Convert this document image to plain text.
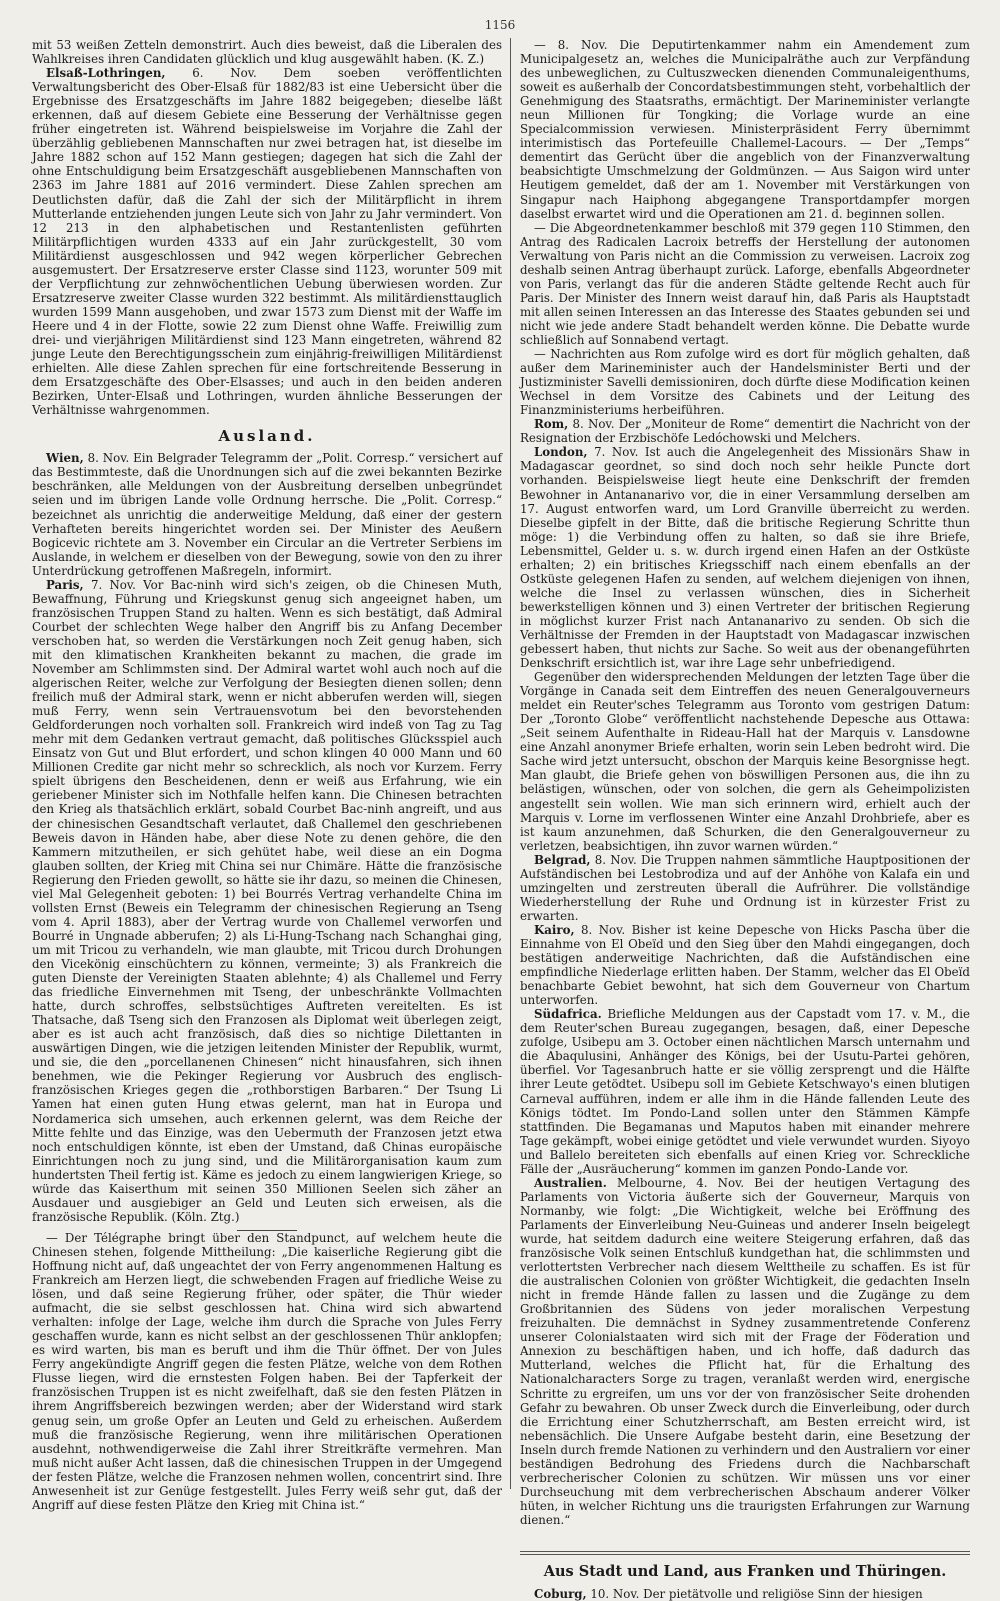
1156

mit 53 weißen Zetteln demonstrirt. Auch dies beweist, daß die Liberalen des Wahlkreises ihren Candidaten glücklich und klug ausgewählt haben. (K. Z.)

Elsaß-Lothringen, 6. Nov. Dem soeben veröffentlichten Verwaltungsbericht des Ober-Elsaß für 1882/83 ist eine Uebersicht über die Ergebnisse des Ersatzgeschäfts im Jahre 1882 beigegeben; dieselbe läßt erkennen, daß auf diesem Gebiete eine Besserung der Verhältnisse gegen früher eingetreten ist. Während beispielsweise im Vorjahre die Zahl der überzählig gebliebenen Mannschaften nur zwei betragen hat, ist dieselbe im Jahre 1882 schon auf 152 Mann gestiegen; dagegen hat sich die Zahl der ohne Entschuldigung beim Ersatzgeschäft ausgebliebenen Mannschaften von 2363 im Jahre 1881 auf 2016 vermindert. Diese Zahlen sprechen am Deutlichsten dafür, daß die Zahl der sich der Militärpflicht in ihrem Mutterlande entziehenden jungen Leute sich von Jahr zu Jahr vermindert. Von 12 213 in den alphabetischen und Restantenlisten geführten Militärpflichtigen wurden 4333 auf ein Jahr zurückgestellt, 30 vom Militärdienst ausgeschlossen und 942 wegen körperlicher Gebrechen ausgemustert. Der Ersatzreserve erster Classe sind 1123, worunter 509 mit der Verpflichtung zur zehnwöchentlichen Uebung überwiesen worden. Zur Ersatzreserve zweiter Classe wurden 322 bestimmt. Als militärdiensttauglich wurden 1599 Mann ausgehoben, und zwar 1573 zum Dienst mit der Waffe im Heere und 4 in der Flotte, sowie 22 zum Dienst ohne Waffe. Freiwillig zum drei- und vierjährigen Militärdienst sind 123 Mann eingetreten, während 82 junge Leute den Berechtigungsschein zum einjährig-freiwilligen Militärdienst erhielten. Alle diese Zahlen sprechen für eine fortschreitende Besserung in dem Ersatzgeschäfte des Ober-Elsasses; und auch in den beiden anderen Bezirken, Unter-Elsaß und Lothringen, wurden ähnliche Besserungen der Verhältnisse wahrgenommen.

Ausland.

Wien, 8. Nov. Ein Belgrader Telegramm der „Polit. Corresp.“ versichert auf das Bestimmteste, daß die Unordnungen sich auf die zwei bekannten Bezirke beschränken, alle Meldungen von der Ausbreitung derselben unbegründet seien und im übrigen Lande volle Ordnung herrsche. Die „Polit. Corresp.“ bezeichnet als unrichtig die anderweitige Meldung, daß einer der gestern Verhafteten bereits hingerichtet worden sei. Der Minister des Aeußern Bogicevic richtete am 3. November ein Circular an die Vertreter Serbiens im Auslande, in welchem er dieselben von der Bewegung, sowie von den zu ihrer Unterdrückung getroffenen Maßregeln, informirt.

Paris, 7. Nov. Vor Bac-ninh wird sich's zeigen, ob die Chinesen Muth, Bewaffnung, Führung und Kriegskunst genug sich angeeignet haben, um französischen Truppen Stand zu halten. Wenn es sich bestätigt, daß Admiral Courbet der schlechten Wege halber den Angriff bis zu Anfang December verschoben hat, so werden die Verstärkungen noch Zeit genug haben, sich mit den klimatischen Krankheiten bekannt zu machen, die grade im November am Schlimmsten sind. Der Admiral wartet wohl auch noch auf die algerischen Reiter, welche zur Verfolgung der Besiegten dienen sollen; denn freilich muß der Admiral stark, wenn er nicht abberufen werden will, siegen muß Ferry, wenn sein Vertrauensvotum bei den bevorstehenden Geldforderungen noch vorhalten soll. Frankreich wird indeß von Tag zu Tag mehr mit dem Gedanken vertraut gemacht, daß politisches Glücksspiel auch Einsatz von Gut und Blut erfordert, und schon klingen 40 000 Mann und 60 Millionen Credite gar nicht mehr so schrecklich, als noch vor Kurzem. Ferry spielt übrigens den Bescheidenen, denn er weiß aus Erfahrung, wie ein geriebener Minister sich im Nothfalle helfen kann. Die Chinesen betrachten den Krieg als thatsächlich erklärt, sobald Courbet Bac-ninh angreift, und aus der chinesischen Gesandtschaft verlautet, daß Challemel den geschriebenen Beweis davon in Händen habe, aber diese Note zu denen gehöre, die den Kammern mitzutheilen, er sich gehütet habe, weil diese an ein Dogma glauben sollten, der Krieg mit China sei nur Chimäre. Hätte die französische Regierung den Frieden gewollt, so hätte sie ihr dazu, so meinen die Chinesen, viel Mal Gelegenheit geboten: 1) bei Bourrés Vertrag verhandelte China im vollsten Ernst (Beweis ein Telegramm der chinesischen Regierung an Tseng vom 4. April 1883), aber der Vertrag wurde von Challemel verworfen und Bourré in Ungnade abberufen; 2) als Li-Hung-Tschang nach Schanghai ging, um mit Tricou zu verhandeln, wie man glaubte, mit Tricou durch Drohungen den Vicekönig einschüchtern zu können, vermeinte; 3) als Frankreich die guten Dienste der Vereinigten Staaten ablehnte; 4) als Challemel und Ferry das friedliche Einvernehmen mit Tseng, der unbeschränkte Vollmachten hatte, durch schroffes, selbstsüchtiges Auftreten vereitelten. Es ist Thatsache, daß Tseng sich den Franzosen als Diplomat weit überlegen zeigt, aber es ist auch acht französisch, daß dies so nichtige Dilettanten in auswärtigen Dingen, wie die jetzigen leitenden Minister der Republik, wurmt, und sie, die den „porcellanenen Chinesen“ nicht hinausfahren, sich ihnen benehmen, wie die Pekinger Regierung vor Ausbruch des englisch-französischen Krieges gegen die „rothborstigen Barbaren.“ Der Tsung Li Yamen hat einen guten Hung etwas gelernt, man hat in Europa und Nordamerica sich umsehen, auch erkennen gelernt, was dem Reiche der Mitte fehlte und das Einzige, was den Uebermuth der Franzosen jetzt etwa noch entschuldigen könnte, ist eben der Umstand, daß Chinas europäische Einrichtungen noch zu jung sind, und die Militärorganisation kaum zum hundertsten Theil fertig ist. Käme es jedoch zu einem langwierigen Kriege, so würde das Kaiserthum mit seinen 350 Millionen Seelen sich zäher an Ausdauer und ausgiebiger an Geld und Leuten sich erweisen, als die französische Republik. (Köln. Ztg.)

— Der Télégraphe bringt über den Standpunct, auf welchem heute die Chinesen stehen, folgende Mittheilung: „Die kaiserliche Regierung gibt die Hoffnung nicht auf, daß ungeachtet der von Ferry angenommenen Haltung es Frankreich am Herzen liegt, die schwebenden Fragen auf friedliche Weise zu lösen, und daß seine Regierung früher, oder später, die Thür wieder aufmacht, die sie selbst geschlossen hat. China wird sich abwartend verhalten: infolge der Lage, welche ihm durch die Sprache von Jules Ferry geschaffen wurde, kann es nicht selbst an der geschlossenen Thür anklopfen; es wird warten, bis man es beruft und ihm die Thür öffnet. Der von Jules Ferry angekündigte Angriff gegen die festen Plätze, welche von dem Rothen Flusse liegen, wird die ernstesten Folgen haben. Bei der Tapferkeit der französischen Truppen ist es nicht zweifelhaft, daß sie den festen Plätzen in ihrem Angriffsbereich bezwingen werden; aber der Widerstand wird stark genug sein, um große Opfer an Leuten und Geld zu erheischen. Außerdem muß die französische Regierung, wenn ihre militärischen Operationen ausdehnt, nothwendigerweise die Zahl ihrer Streitkräfte vermehren. Man muß nicht außer Acht lassen, daß die chinesischen Truppen in der Umgegend der festen Plätze, welche die Franzosen nehmen wollen, concentrirt sind. Ihre Anwesenheit ist zur Genüge festgestellt. Jules Ferry weiß sehr gut, daß der Angriff auf diese festen Plätze den Krieg mit China ist.“

— 8. Nov. Die Deputirtenkammer nahm ein Amendement zum Municipalgesetz an, welches die Municipalräthe auch zur Verpfändung des unbeweglichen, zu Cultuszwecken dienenden Communaleigenthums, soweit es außerhalb der Concordatsbestimmungen steht, vorbehaltlich der Genehmigung des Staatsraths, ermächtigt. Der Marineminister verlangte neun Millionen für Tongking; die Vorlage wurde an eine Specialcommission verwiesen. Ministerpräsident Ferry übernimmt interimistisch das Portefeuille Challemel-Lacours. — Der „Temps“ dementirt das Gerücht über die angeblich von der Finanzverwaltung beabsichtigte Umschmelzung der Goldmünzen. — Aus Saigon wird unter Heutigem gemeldet, daß der am 1. November mit Verstärkungen von Singapur nach Haiphong abgegangene Transportdampfer morgen daselbst erwartet wird und die Operationen am 21. d. beginnen sollen.

— Die Abgeordnetenkammer beschloß mit 379 gegen 110 Stimmen, den Antrag des Radicalen Lacroix betreffs der Herstellung der autonomen Verwaltung von Paris nicht an die Commission zu verweisen. Lacroix zog deshalb seinen Antrag überhaupt zurück. Laforge, ebenfalls Abgeordneter von Paris, verlangt das für die anderen Städte geltende Recht auch für Paris. Der Minister des Innern weist darauf hin, daß Paris als Hauptstadt mit allen seinen Interessen an das Interesse des Staates gebunden sei und nicht wie jede andere Stadt behandelt werden könne. Die Debatte wurde schließlich auf Sonnabend vertagt.

— Nachrichten aus Rom zufolge wird es dort für möglich gehalten, daß außer dem Marineminister auch der Handelsminister Berti und der Justizminister Savelli demissioniren, doch dürfte diese Modification keinen Wechsel in dem Vorsitze des Cabinets und der Leitung des Finanzministeriums herbeiführen.

Rom, 8. Nov. Der „Moniteur de Rome“ dementirt die Nachricht von der Resignation der Erzbischöfe Ledóchowski und Melchers.

London, 7. Nov. Ist auch die Angelegenheit des Missionärs Shaw in Madagascar geordnet, so sind doch noch sehr heikle Puncte dort vorhanden. Beispielsweise liegt heute eine Denkschrift der fremden Bewohner in Antananarivo vor, die in einer Versammlung derselben am 17. August entworfen ward, um Lord Granville überreicht zu werden. Dieselbe gipfelt in der Bitte, daß die britische Regierung Schritte thun möge: 1) die Verbindung offen zu halten, so daß sie ihre Briefe, Lebensmittel, Gelder u. s. w. durch irgend einen Hafen an der Ostküste erhalten; 2) ein britisches Kriegsschiff nach einem ebenfalls an der Ostküste gelegenen Hafen zu senden, auf welchem diejenigen von ihnen, welche die Insel zu verlassen wünschen, dies in Sicherheit bewerkstelligen können und 3) einen Vertreter der britischen Regierung in möglichst kurzer Frist nach Antananarivo zu senden. Ob sich die Verhältnisse der Fremden in der Hauptstadt von Madagascar inzwischen gebessert haben, thut nichts zur Sache. So weit aus der obenangeführten Denkschrift ersichtlich ist, war ihre Lage sehr unbefriedigend.

Gegenüber den widersprechenden Meldungen der letzten Tage über die Vorgänge in Canada seit dem Eintreffen des neuen Generalgouverneurs meldet ein Reuter'sches Telegramm aus Toronto vom gestrigen Datum: Der „Toronto Globe“ veröffentlicht nachstehende Depesche aus Ottawa: „Seit seinem Aufenthalte in Rideau-Hall hat der Marquis v. Lansdowne eine Anzahl anonymer Briefe erhalten, worin sein Leben bedroht wird. Die Sache wird jetzt untersucht, obschon der Marquis keine Besorgnisse hegt. Man glaubt, die Briefe gehen von böswilligen Personen aus, die ihn zu belästigen, wünschen, oder von solchen, die gern als Geheimpolizisten angestellt sein wollen. Wie man sich erinnern wird, erhielt auch der Marquis v. Lorne im verflossenen Winter eine Anzahl Drohbriefe, aber es ist kaum anzunehmen, daß Schurken, die den Generalgouverneur zu verletzen, beabsichtigen, ihn zuvor warnen würden.“

Belgrad, 8. Nov. Die Truppen nahmen sämmtliche Hauptpositionen der Aufständischen bei Lestobrodiza und auf der Anhöhe von Kalafa ein und umzingelten und zerstreuten überall die Aufrührer. Die vollständige Wiederherstellung der Ruhe und Ordnung ist in kürzester Frist zu erwarten.

Kairo, 8. Nov. Bisher ist keine Depesche von Hicks Pascha über die Einnahme von El Obeïd und den Sieg über den Mahdi eingegangen, doch bestätigen anderweitige Nachrichten, daß die Aufständischen eine empfindliche Niederlage erlitten haben. Der Stamm, welcher das El Obeïd benachbarte Gebiet bewohnt, hat sich dem Gouverneur von Chartum unterworfen.

Südafrica. Briefliche Meldungen aus der Capstadt vom 17. v. M., die dem Reuter'schen Bureau zugegangen, besagen, daß, einer Depesche zufolge, Usibepu am 3. October einen nächtlichen Marsch unternahm und die Abaqulusini, Anhänger des Königs, bei der Usutu-Partei gehören, überfiel. Vor Tagesanbruch hatte er sie völlig zersprengt und die Hälfte ihrer Leute getödtet. Usibepu soll im Gebiete Ketschwayo's einen blutigen Carneval aufführen, indem er alle ihm in die Hände fallenden Leute des Königs tödtet. Im Pondo-Land sollen unter den Stämmen Kämpfe stattfinden. Die Begamanas und Maputos haben mit einander mehrere Tage gekämpft, wobei einige getödtet und viele verwundet wurden. Siyoyo und Ballelo bereiteten sich ebenfalls auf einen Krieg vor. Schreckliche Fälle der „Ausräucherung“ kommen im ganzen Pondo-Lande vor.

Australien. Melbourne, 4. Nov. Bei der heutigen Vertagung des Parlaments von Victoria äußerte sich der Gouverneur, Marquis von Normanby, wie folgt: „Die Wichtigkeit, welche bei Eröffnung des Parlaments der Einverleibung Neu-Guineas und anderer Inseln beigelegt wurde, hat seitdem dadurch eine weitere Steigerung erfahren, daß das französische Volk seinen Entschluß kundgethan hat, die schlimmsten und verlottertsten Verbrecher nach diesem Welttheile zu schaffen. Es ist für die australischen Colonien von größter Wichtigkeit, die gedachten Inseln nicht in fremde Hände fallen zu lassen und die Zugänge zu dem Großbritannien des Südens von jeder moralischen Verpestung freizuhalten. Die demnächst in Sydney zusammentretende Conferenz unserer Colonialstaaten wird sich mit der Frage der Föderation und Annexion zu beschäftigen haben, und ich hoffe, daß dadurch das Mutterland, welches die Pflicht hat, für die Erhaltung des Nationalcharacters Sorge zu tragen, veranlaßt werden wird, energische Schritte zu ergreifen, um uns vor der von französischer Seite drohenden Gefahr zu bewahren. Ob unser Zweck durch die Einverleibung, oder durch die Errichtung einer Schutzherrschaft, am Besten erreicht wird, ist nebensächlich. Die Unsere Aufgabe besteht darin, eine Besetzung der Inseln durch fremde Nationen zu verhindern und den Australiern vor einer beständigen Bedrohung des Friedens durch die Nachbarschaft verbrecherischer Colonien zu schützen. Wir müssen uns vor einer Durchseuchung mit dem verbrecherischen Abschaum anderer Völker hüten, in welcher Richtung uns die traurigsten Erfahrungen zur Warnung dienen.“

Aus Stadt und Land, aus Franken und Thüringen.

Coburg, 10. Nov. Der pietätvolle und religiöse Sinn der hiesigen
